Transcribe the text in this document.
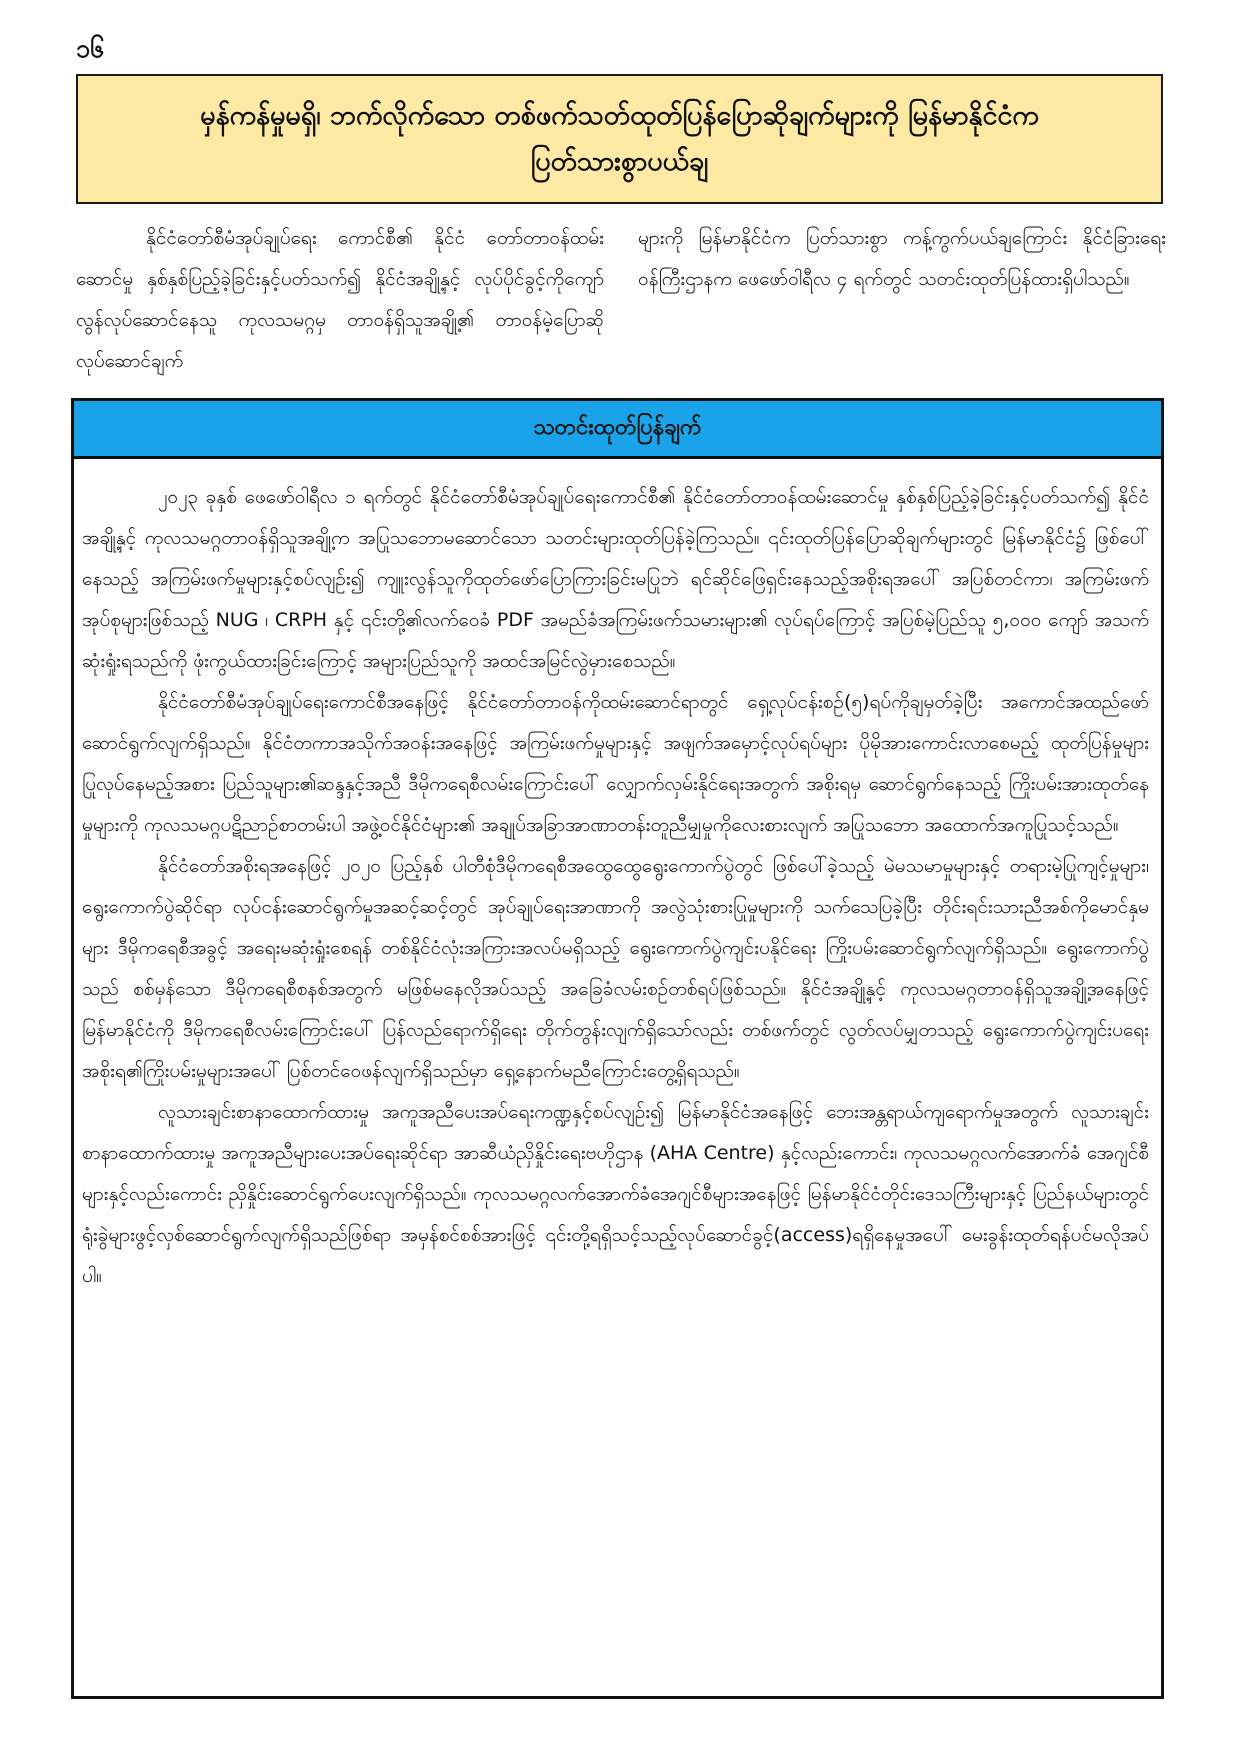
၁၆
မှန်ကန်မှုမရှိ၊ ဘက်လိုက်သော တစ်ဖက်သတ်ထုတ်ပြန်ပြောဆိုချက်များကို မြန်မာနိုင်ငံက
ပြတ်သားစွာပယ်ချ
နိုင်ငံတော်စီမံအုပ်ချုပ်ရေး ကောင်စီ၏ နိုင်ငံ တော်တာဝန်ထမ်းဆောင်မှု နှစ်နှစ်ပြည့်ခဲ့ခြင်းနှင့်ပတ်သက်၍ နိုင်ငံအချို့နှင့် လုပ်ပိုင်ခွင့်ကိုကျော်လွန်လုပ်ဆောင်နေသူ ကုလသမဂ္ဂမှ တာဝန်ရှိသူအချို့၏ တာဝန်မဲ့ပြောဆိုလုပ်ဆောင်ချက်
များကို မြန်မာနိုင်ငံက ပြတ်သားစွာ ကန့်ကွက်ပယ်ချကြောင်း နိုင်ငံခြားရေးဝန်ကြီးဌာနက ဖေဖော်ဝါရီလ ၄ ရက်တွင် သတင်းထုတ်ပြန်ထားရှိပါသည်။
သတင်းထုတ်ပြန်ချက်

၂၀၂၃ ခုနှစ် ဖေဖော်ဝါရီလ ၁ ရက်တွင် နိုင်ငံတော်စီမံအုပ်ချုပ်ရေးကောင်စီ၏ နိုင်ငံတော်တာဝန်ထမ်းဆောင်မှု နှစ်နှစ်ပြည့်ခဲ့ခြင်းနှင့်ပတ်သက်၍ နိုင်ငံအချို့နှင့် ကုလသမဂ္ဂတာဝန်ရှိသူအချို့က အပြုသဘောမဆောင်သော သတင်းများထုတ်ပြန်ခဲ့ကြသည်။ ၎င်းထုတ်ပြန်ပြောဆိုချက်များတွင် မြန်မာနိုင်ငံ၌ ဖြစ်ပေါ်နေသည့် အကြမ်းဖက်မှုများနှင့်စပ်လျဉ်း၍ ကျူးလွန်သူကိုထုတ်ဖော်ပြောကြားခြင်းမပြုဘဲ ရင်ဆိုင်ဖြေရှင်းနေသည့်အစိုးရအပေါ် အပြစ်တင်ကာ၊ အကြမ်းဖက်အုပ်စုများဖြစ်သည့် NUG ၊ CRPH နှင့် ၎င်းတို့၏လက်ဝေခံ PDF အမည်ခံအကြမ်းဖက်သမားများ၏ လုပ်ရပ်ကြောင့် အပြစ်မဲ့ပြည်သူ ၅,၀၀၀ ကျော် အသက်ဆုံးရှုံးရသည်ကို ဖုံးကွယ်ထားခြင်းကြောင့် အများပြည်သူကို အထင်အမြင်လွဲမှားစေသည်။

နိုင်ငံတော်စီမံအုပ်ချုပ်ရေးကောင်စီအနေဖြင့် နိုင်ငံတော်တာဝန်ကိုထမ်းဆောင်ရာတွင် ရှေ့လုပ်ငန်းစဉ်(၅)ရပ်ကိုချမှတ်ခဲ့ပြီး အကောင်အထည်ဖော်ဆောင်ရွက်လျက်ရှိသည်။ နိုင်ငံတကာအသိုက်အဝန်းအနေဖြင့် အကြမ်းဖက်မှုများနှင့် အဖျက်အမှောင့်လုပ်ရပ်များ ပိုမိုအားကောင်းလာစေမည့် ထုတ်ပြန်မှုများပြုလုပ်နေမည့်အစား ပြည်သူများ၏ဆန္ဒနှင့်အညီ ဒီမိုကရေစီလမ်းကြောင်းပေါ် လျှောက်လှမ်းနိုင်ရေးအတွက် အစိုးရမှ ဆောင်ရွက်နေသည့် ကြိုးပမ်းအားထုတ်နေမှုများကို ကုလသမဂ္ဂပဋိညာဉ်စာတမ်းပါ အဖွဲ့ဝင်နိုင်ငံများ၏ အချုပ်အခြာအာဏာတန်းတူညီမျှမှုကိုလေးစားလျက် အပြုသဘော အထောက်အကူပြုသင့်သည်။

နိုင်ငံတော်အစိုးရအနေဖြင့် ၂၀၂၀ ပြည့်နှစ် ပါတီစုံဒီမိုကရေစီအထွေထွေရွေးကောက်ပွဲတွင် ဖြစ်ပေါ်ခဲ့သည့် မဲမသမာမှုများနှင့် တရားမဲ့ပြုကျင့်မှုများ၊ ရွေးကောက်ပွဲဆိုင်ရာ လုပ်ငန်းဆောင်ရွက်မှုအဆင့်ဆင့်တွင် အုပ်ချုပ်ရေးအာဏာကို အလွဲသုံးစားပြုမှုများကို သက်သေပြခဲ့ပြီး တိုင်းရင်းသားညီအစ်ကိုမောင်နှမများ ဒီမိုကရေစီအခွင့် အရေးမဆုံးရှုံးစေရန် တစ်နိုင်ငံလုံးအကြားအလပ်မရှိသည့် ရွေးကောက်ပွဲကျင်းပနိုင်ရေး ကြိုးပမ်းဆောင်ရွက်လျက်ရှိသည်။ ရွေးကောက်ပွဲသည် စစ်မှန်သော ဒီမိုကရေစီစနစ်အတွက် မဖြစ်မနေလိုအပ်သည့် အခြေခံလမ်းစဉ်တစ်ရပ်ဖြစ်သည်။ နိုင်ငံအချို့နှင့် ကုလသမဂ္ဂတာဝန်ရှိသူအချို့အနေဖြင့် မြန်မာနိုင်ငံကို ဒီမိုကရေစီလမ်းကြောင်းပေါ် ပြန်လည်ရောက်ရှိရေး တိုက်တွန်းလျက်ရှိသော်လည်း တစ်ဖက်တွင် လွတ်လပ်မျှတသည့် ရွေးကောက်ပွဲကျင်းပရေး အစိုးရ၏ကြိုးပမ်းမှုများအပေါ် ပြစ်တင်ဝေဖန်လျက်ရှိသည်မှာ ရှေ့နောက်မညီကြောင်းတွေ့ရှိရသည်။

လူသားချင်းစာနာထောက်ထားမှု အကူအညီပေးအပ်ရေးကဏ္ဍနှင့်စပ်လျဉ်း၍ မြန်မာနိုင်ငံအနေဖြင့် ဘေးအန္တရာယ်ကျရောက်မှုအတွက် လူသားချင်းစာနာထောက်ထားမှု အကူအညီများပေးအပ်ရေးဆိုင်ရာ အာဆီယံညှိနှိုင်းရေးဗဟိုဌာန (AHA Centre) နှင့်လည်းကောင်း၊ ကုလသမဂ္ဂလက်အောက်ခံ အေဂျင်စီများနှင့်လည်းကောင်း ညှိနှိုင်းဆောင်ရွက်ပေးလျက်ရှိသည်။ ကုလသမဂ္ဂလက်အောက်ခံအေဂျင်စီများအနေဖြင့် မြန်မာနိုင်ငံတိုင်းဒေသကြီးများနှင့် ပြည်နယ်များတွင် ရုံးခွဲများဖွင့်လှစ်ဆောင်ရွက်လျက်ရှိသည်ဖြစ်ရာ အမှန်စင်စစ်အားဖြင့် ၎င်းတို့ရရှိသင့်သည့်လုပ်ဆောင်ခွင့်(access)ရရှိနေမှုအပေါ် မေးခွန်းထုတ်ရန်ပင်မလိုအပ်ပါ။
